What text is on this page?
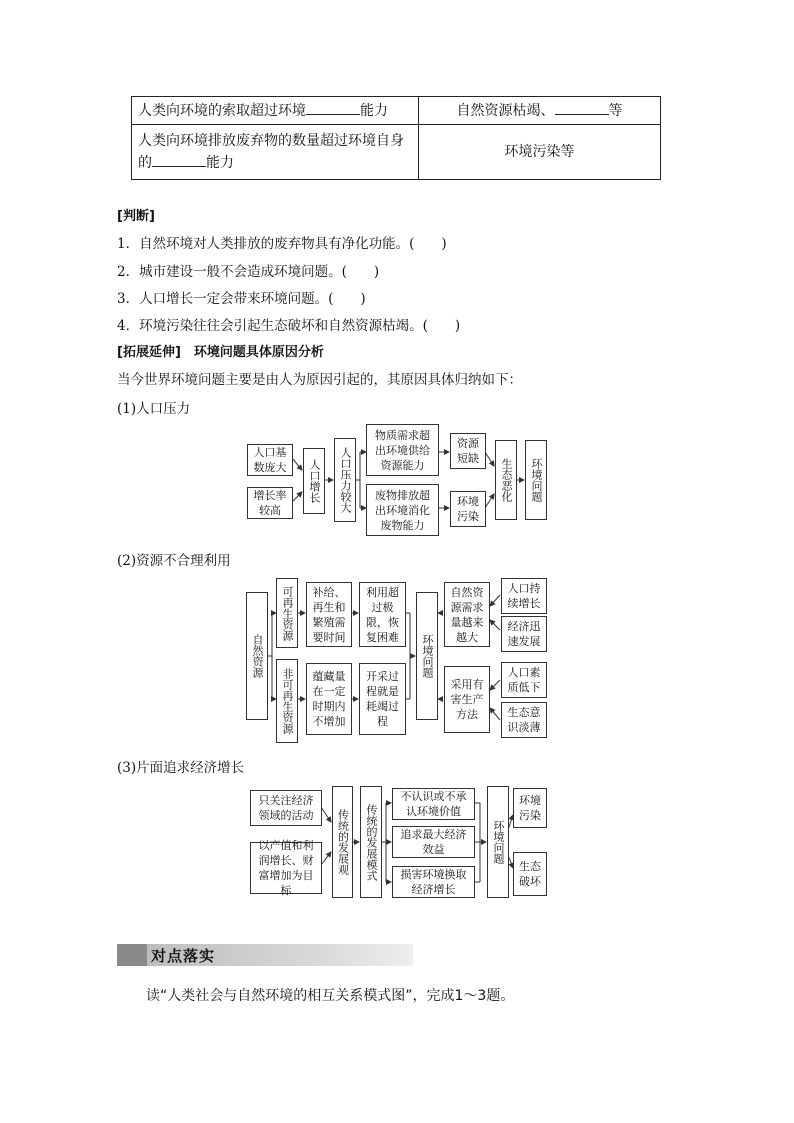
人类向环境的索取超过环境 能力	自然资源枯竭、 等
人类向环境排放废弃物的数量超过环境自身
的 能力	环境污染等
[判断]
1．自然环境对人类排放的废弃物具有净化功能。(　　)
2．城市建设一般不会造成环境问题。(　　)
3．人口增长一定会带来环境问题。(　　)
4．环境污染往往会引起生态破坏和自然资源枯竭。(　　)
[拓展延伸]　环境问题具体原因分析
当今世界环境问题主要是由人为原因引起的，其原因具体归纳如下：
(1)人口压力
人口基数庞大
增长率较高
人口增长	人口压力较大
物质需求超出环境供给资源能力
废物排放超出环境消化废物能力
资源短缺
环境污染
生态恶化	环境问题
(2)资源不合理利用
自然资源
可再生资源
非可再生资源
补给、再生和繁殖需要时间
蕴藏量在一定时期内不增加
利用超过极限，恢复困难
开采过程就是耗竭过程
环境问题
自然资源需求量越来越大
采用有害生产方法
人口持续增长
经济迅速发展
人口素质低下
生态意识淡薄
(3)片面追求经济增长
只关注经济领域的活动
以产值和利润增长、财富增加为目标
传统的发展观	传统的发展模式
不认识或不承认环境价值
追求最大经济效益
损害环境换取经济增长
环境问题
环境污染
生态破坏
对点落实
读“人类社会与自然环境的相互关系模式图”，完成1～3题。
